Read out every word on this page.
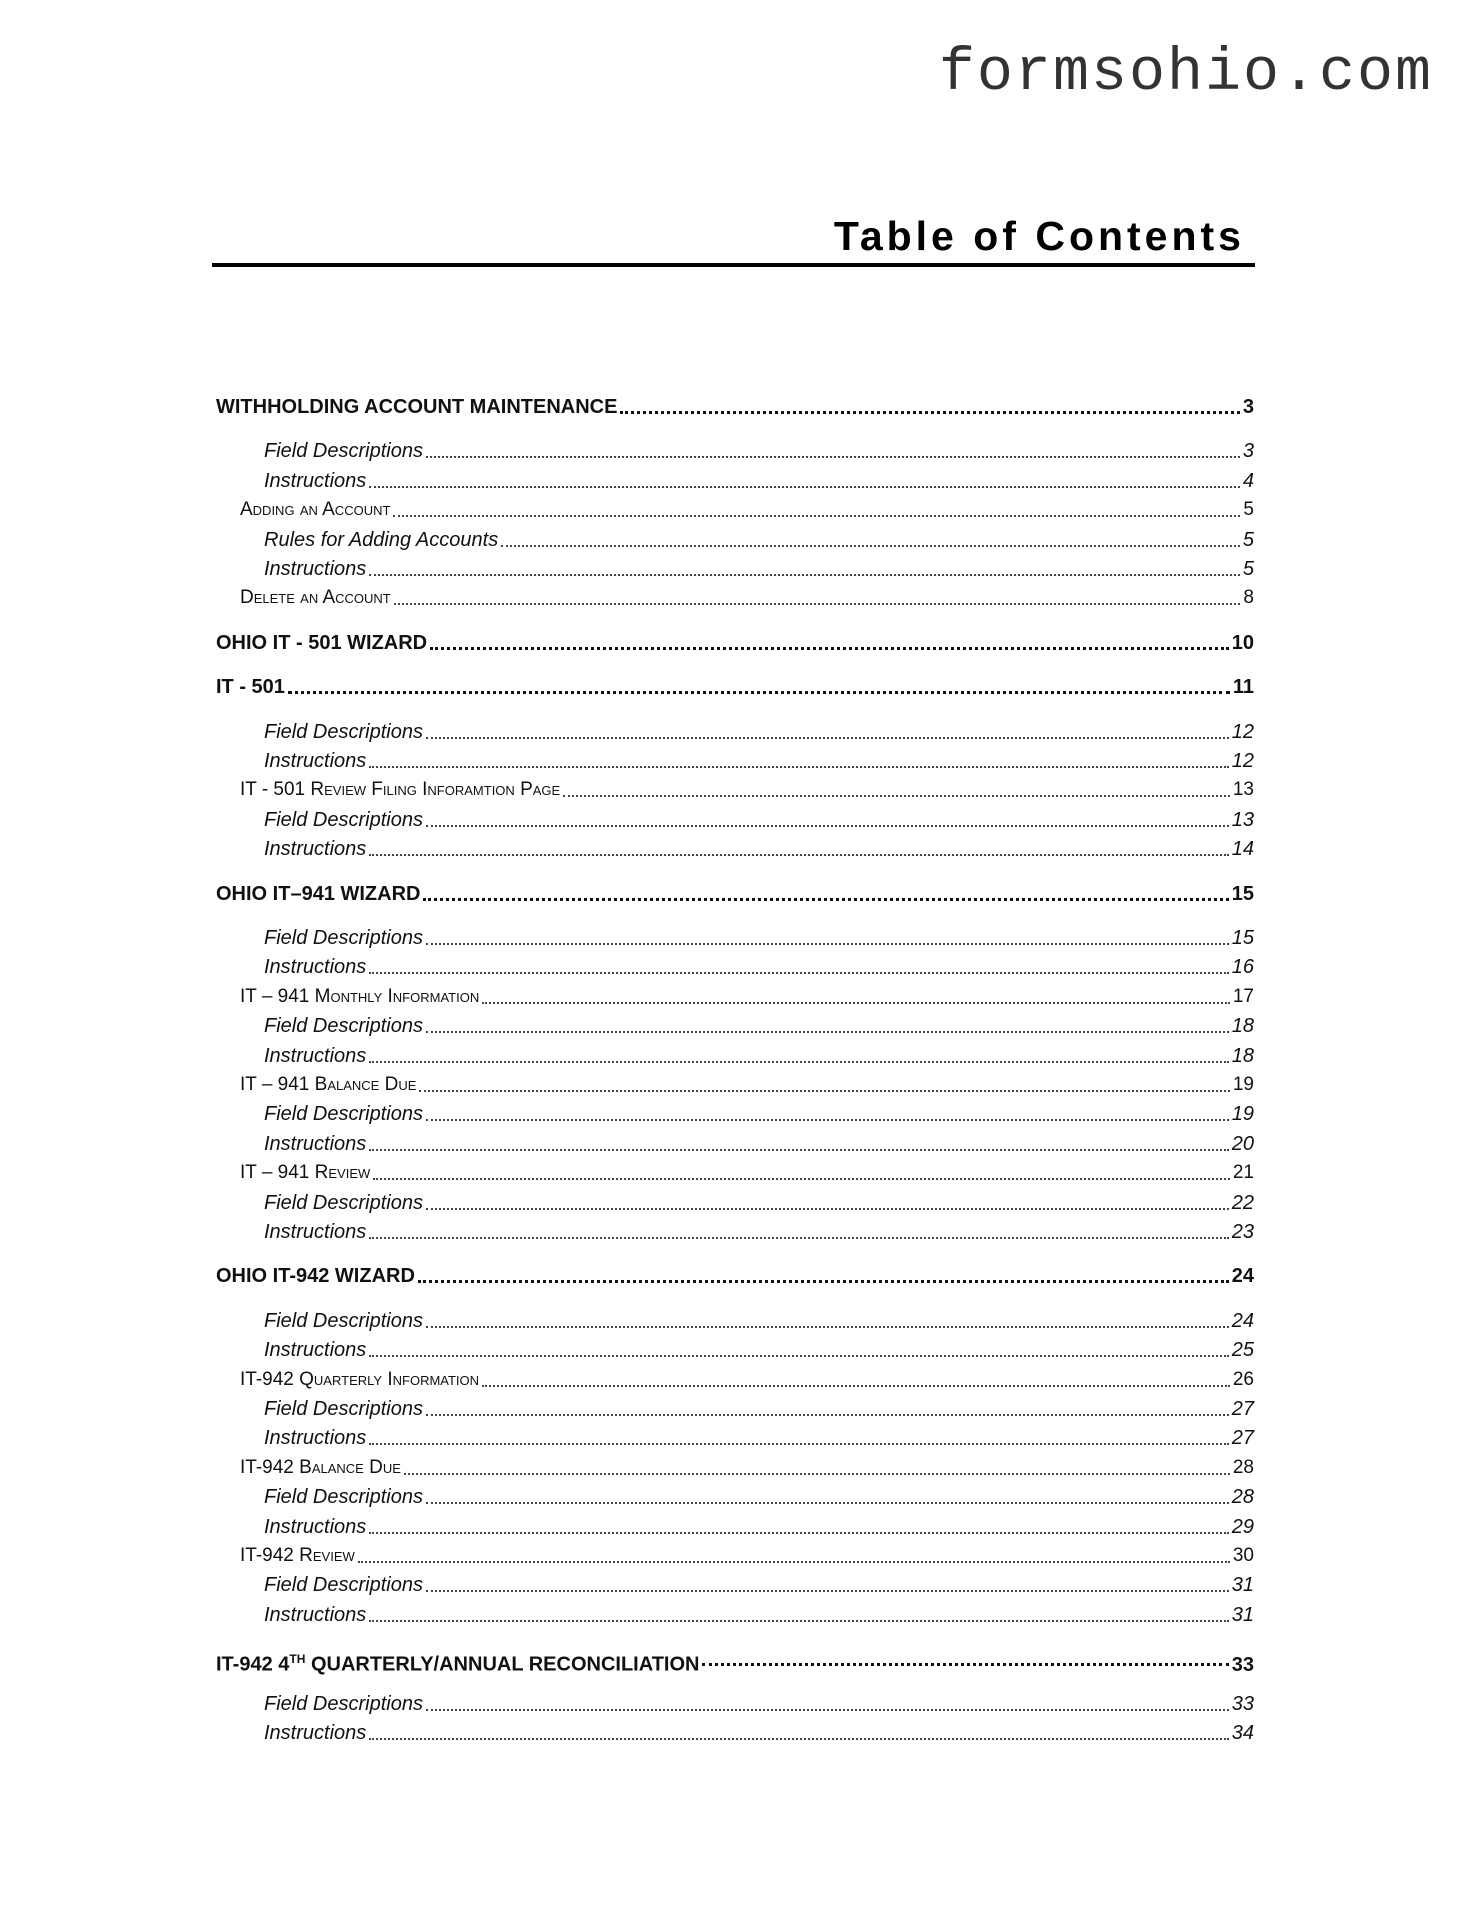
formsohio.com
Table of Contents
WITHHOLDING ACCOUNT MAINTENANCE	3
Field Descriptions	3
Instructions	4
Adding an Account	5
Rules for Adding Accounts	5
Instructions	5
Delete an Account	8
OHIO IT - 501 WIZARD	10
IT - 501	11
Field Descriptions	12
Instructions	12
IT - 501 Review Filing Inforamtion Page	13
Field Descriptions	13
Instructions	14
OHIO IT–941 WIZARD	15
Field Descriptions	15
Instructions	16
IT – 941 Monthly Information	17
Field Descriptions	18
Instructions	18
IT – 941 Balance Due	19
Field Descriptions	19
Instructions	20
IT – 941 Review	21
Field Descriptions	22
Instructions	23
OHIO IT-942 WIZARD	24
Field Descriptions	24
Instructions	25
IT-942 Quarterly Information	26
Field Descriptions	27
Instructions	27
IT-942 Balance Due	28
Field Descriptions	28
Instructions	29
IT-942 Review	30
Field Descriptions	31
Instructions	31
IT-942 4TH QUARTERLY/ANNUAL RECONCILIATION	33
Field Descriptions	33
Instructions	34
